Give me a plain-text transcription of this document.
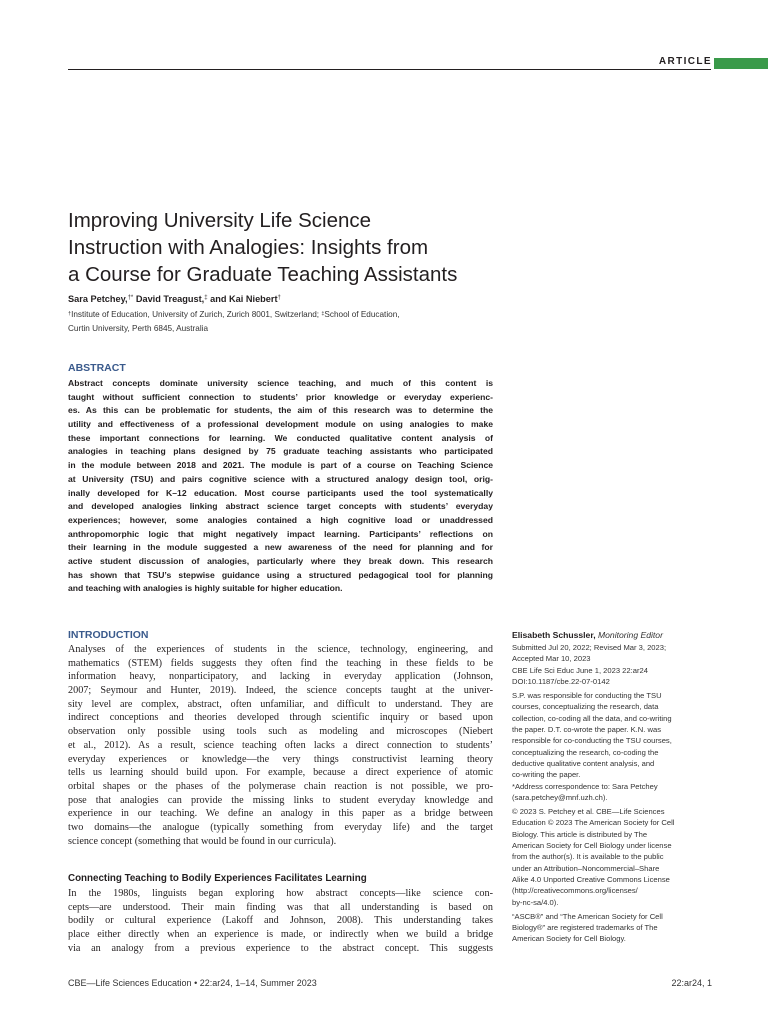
ARTICLE
Improving University Life Science
Instruction with Analogies: Insights from
a Course for Graduate Teaching Assistants
Sara Petchey,†* David Treagust,‡ and Kai Niebert†
†Institute of Education, University of Zurich, Zurich 8001, Switzerland; ‡School of Education,
Curtin University, Perth 6845, Australia
ABSTRACT
Abstract concepts dominate university science teaching, and much of this content is
taught without sufficient connection to students’ prior knowledge or everyday experienc-
es. As this can be problematic for students, the aim of this research was to determine the
utility and effectiveness of a professional development module on using analogies to make
these important connections for learning. We conducted qualitative content analysis of
analogies in teaching plans designed by 75 graduate teaching assistants who participated
in the module between 2018 and 2021. The module is part of a course on Teaching Science
at University (TSU) and pairs cognitive science with a structured analogy design tool, orig-
inally developed for K–12 education. Most course participants used the tool systematically
and developed analogies linking abstract science target concepts with students’ everyday
experiences; however, some analogies contained a high cognitive load or unaddressed
anthropomorphic logic that might negatively impact learning. Participants’ reflections on
their learning in the module suggested a new awareness of the need for planning and for
active student discussion of analogies, particularly where they break down. This research
has shown that TSU’s stepwise guidance using a structured pedagogical tool for planning
and teaching with analogies is highly suitable for higher education.
INTRODUCTION
Analyses of the experiences of students in the science, technology, engineering, and
mathematics (STEM) fields suggests they often find the teaching in these fields to be
information heavy, nonparticipatory, and lacking in everyday application (Johnson,
2007; Seymour and Hunter, 2019). Indeed, the science concepts taught at the univer-
sity level are complex, abstract, often unfamiliar, and difficult to understand. They are
indirect conceptions and theories developed through scientific inquiry or based upon
observation only possible using tools such as modeling and microscopes (Niebert
et al., 2012). As a result, science teaching often lacks a direct connection to students’
everyday experiences or knowledge—the very things constructivist learning theory
tells us learning should build upon. For example, because a direct experience of atomic
orbital shapes or the phases of the polymerase chain reaction is not possible, we pro-
pose that analogies can provide the missing links to student everyday knowledge and
experience in our teaching. We define an analogy in this paper as a bridge between
two domains—the analogue (typically something from everyday life) and the target
science concept (something that would be found in our curricula).
Connecting Teaching to Bodily Experiences Facilitates Learning
In the 1980s, linguists began exploring how abstract concepts—like science con-
cepts—are understood. Their main finding was that all understanding is based on
bodily or cultural experience (Lakoff and Johnson, 2008). This understanding takes
place either directly when an experience is made, or indirectly when we build a bridge
via an analogy from a previous experience to the abstract concept. This suggests
Elisabeth Schussler, Monitoring Editor
Submitted Jul 20, 2022; Revised Mar 3, 2023;
Accepted Mar 10, 2023
CBE Life Sci Educ June 1, 2023 22:ar24
DOI:10.1187/cbe.22-07-0142
S.P. was responsible for conducting the TSU
courses, conceptualizing the research, data
collection, co-coding all the data, and co-writing
the paper. D.T. co-wrote the paper. K.N. was
responsible for co-conducting the TSU courses,
conceptualizing the research, co-coding the
deductive qualitative content analysis, and
co-writing the paper.
*Address correspondence to: Sara Petchey
(sara.petchey@mnf.uzh.ch).
© 2023 S. Petchey et al. CBE—Life Sciences
Education © 2023 The American Society for Cell
Biology. This article is distributed by The
American Society for Cell Biology under license
from the author(s). It is available to the public
under an Attribution–Noncommercial–Share
Alike 4.0 Unported Creative Commons License
(http://creativecommons.org/licenses/
by-nc-sa/4.0).
“ASCB®” and “The American Society for Cell
Biology®” are registered trademarks of The
American Society for Cell Biology.
CBE—Life Sciences Education • 22:ar24, 1–14, Summer 2023	22:ar24, 1
